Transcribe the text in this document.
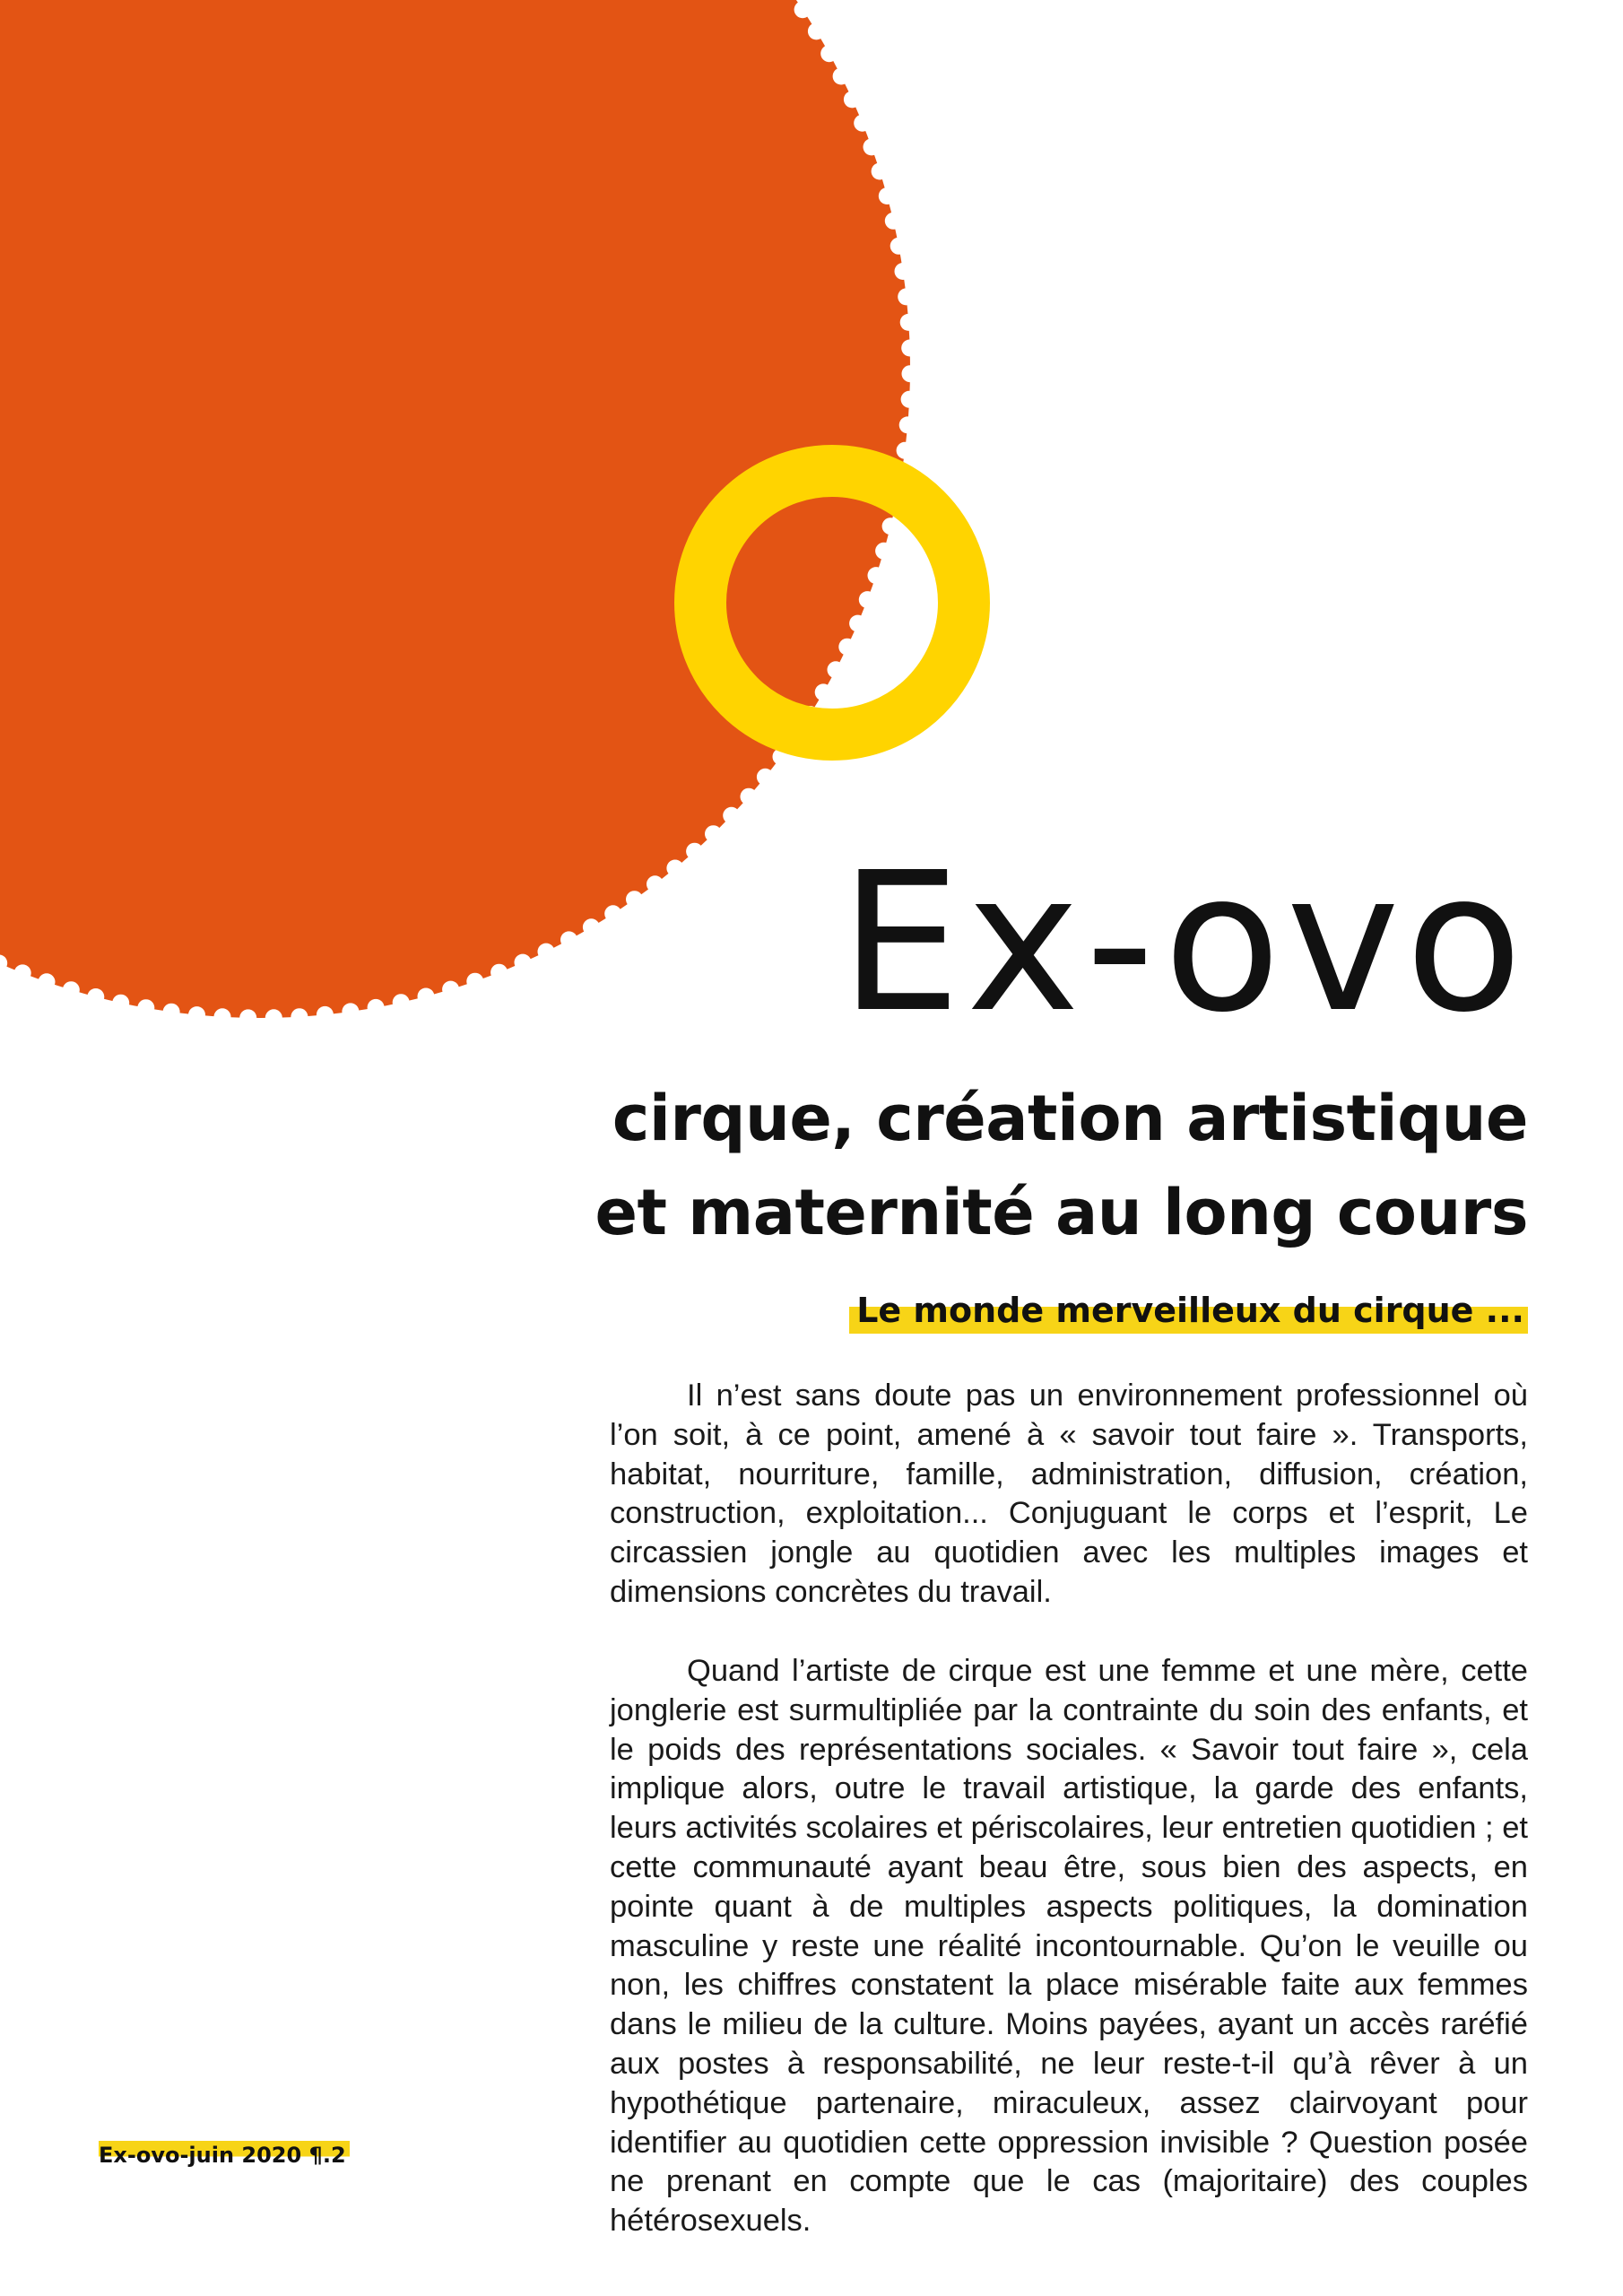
Ex-ovo
cirque, création artistique
et maternité au long cours
Le monde merveilleux du cirque ...

Il n’est sans doute pas un environnement professionnel où l’on soit, à ce point, amené à « savoir tout faire ». Transports, habitat, nourriture, famille, administration, diffusion, création, construction, exploitation... Conjuguant le corps et l’esprit, Le circassien jongle au quotidien avec les multiples images et dimensions concrètes du travail.

Quand l’artiste de cirque est une femme et une mère, cette jonglerie est surmultipliée par la contrainte du soin des enfants, et le poids des représentations sociales. « Savoir tout faire », cela implique alors, outre le travail artistique, la garde des enfants, leurs activités scolaires et périscolaires, leur entretien quotidien ; et cette communauté ayant beau être, sous bien des aspects, en pointe quant à de multiples aspects politiques, la domination masculine y reste une réalité incontournable. Qu’on le veuille ou non, les chiffres constatent la place misérable faite aux femmes dans le milieu de la culture. Moins payées, ayant un accès raréfié aux postes à responsabilité, ne leur reste-t-il qu’à rêver à un hypothétique partenaire, miraculeux, assez clairvoyant pour identifier au quotidien cette oppression invisible ? Question posée ne prenant en compte que le cas (majoritaire) des couples hétérosexuels.

Ex-ovo-juin 2020 ¶.2
